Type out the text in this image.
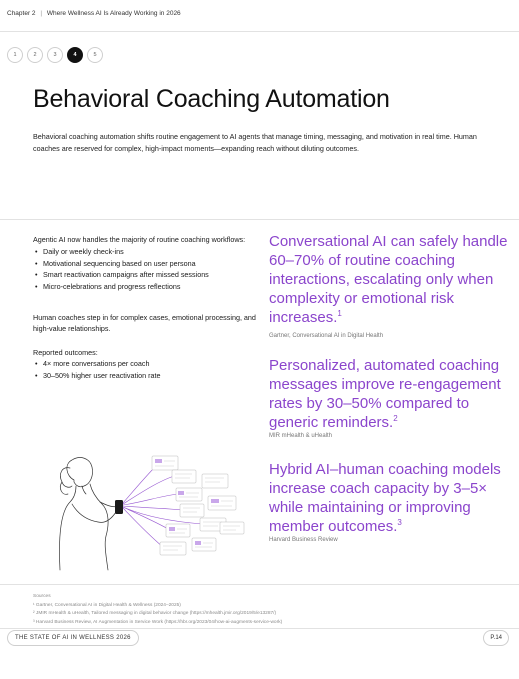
Chapter 2 | Where Wellness AI Is Already Working in 2026
1	2	3	4	5
Behavioral Coaching Automation

Behavioral coaching automation shifts routine engagement to AI agents that manage timing, messaging, and motivation in real time. Human coaches are reserved for complex, high-impact moments—expanding reach without diluting outcomes.

Agentic AI now handles the majority of routine coaching workflows:
• Daily or weekly check-ins
• Motivational sequencing based on user persona
• Smart reactivation campaigns after missed sessions
• Micro-celebrations and progress reflections
Human coaches step in for complex cases, emotional processing, and high-value relationships.
Reported outcomes:
• 4× more conversations per coach
• 30–50% higher user reactivation rate
Conversational AI can safely handle 60–70% of routine coaching interactions, escalating only when complexity or emotional risk increases.$^1$
Gartner, Conversational AI in Digital Health
Personalized, automated coaching messages improve re-engagement rates by 30–50% compared to generic reminders.$^2$
MIR mHealth & uHealth
Hybrid AI–human coaching models increase coach capacity by 3–5× while maintaining or improving member outcomes.$^3$
Harvard Business Review
Sources
¹ Gartner, Conversational AI in Digital Health & Wellness (2024–2025)
² JMIR mHealth & uHealth, Tailored messaging in digital behavior change (https://mhealth.jmir.org/2019/5/e13287/)
³ Harvard Business Review, AI Augmentation in Service Work (https://hbr.org/2023/04/how-ai-augments-service-work)
THE STATE OF AI IN WELLNESS 2026	P.14
